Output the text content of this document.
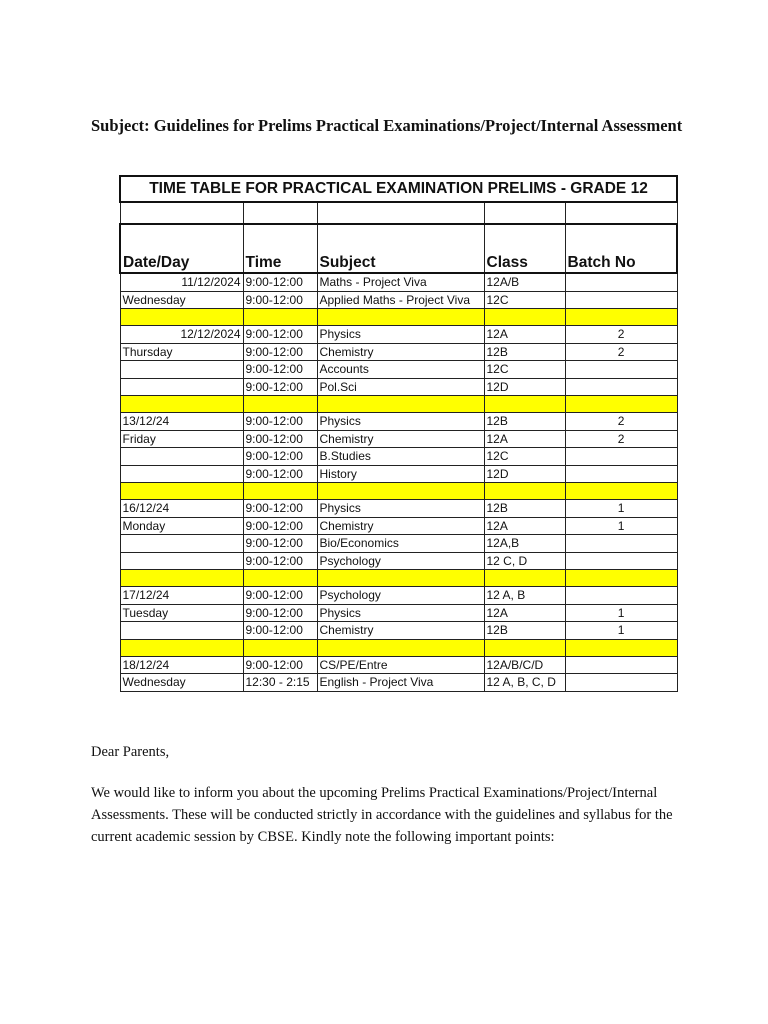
Subject: Guidelines for Prelims Practical Examinations/Project/Internal Assessment
TIME TABLE FOR PRACTICAL EXAMINATION PRELIMS - GRADE 12				

Date/Day	Time	Subject	Class	Batch No
11/12/2024	9:00-12:00	Maths - Project Viva	12A/B	
Wednesday	9:00-12:00	Applied Maths - Project Viva	12C	

12/12/2024	9:00-12:00	Physics	12A	2
Thursday	9:00-12:00	Chemistry	12B	2
	9:00-12:00	Accounts	12C	
	9:00-12:00	Pol.Sci	12D	

13/12/24	9:00-12:00	Physics	12B	2
Friday	9:00-12:00	Chemistry	12A	2
	9:00-12:00	B.Studies	12C	
	9:00-12:00	History	12D	

16/12/24	9:00-12:00	Physics	12B	1
Monday	9:00-12:00	Chemistry	12A	1
	9:00-12:00	Bio/Economics	12A,B	
	9:00-12:00	Psychology	12 C, D	

17/12/24	9:00-12:00	Psychology	12 A, B	
Tuesday	9:00-12:00	Physics	12A	1
	9:00-12:00	Chemistry	12B	1

18/12/24	9:00-12:00	CS/PE/Entre	12A/B/C/D	
Wednesday	12:30 - 2:15	English - Project Viva	12 A, B, C, D	
Dear Parents,
We would like to inform you about the upcoming Prelims Practical Examinations/Project/Internal Assessments. These will be conducted strictly in accordance with the guidelines and syllabus for the current academic session by CBSE. Kindly note the following important points:
